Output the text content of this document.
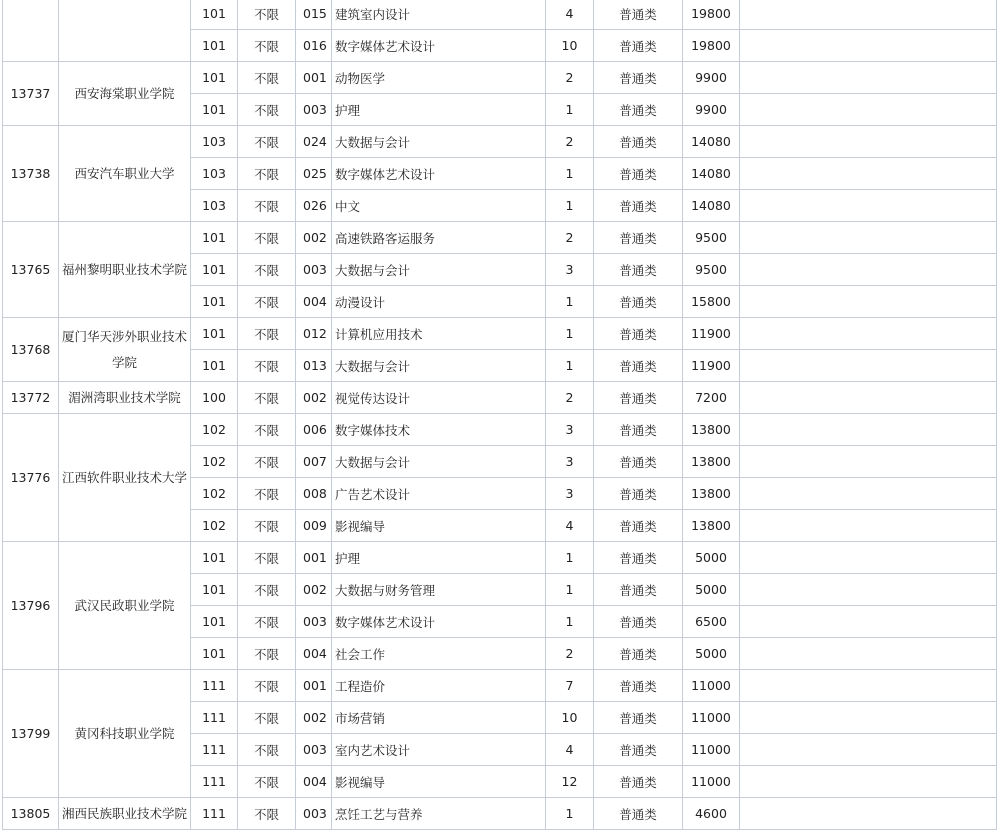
		101	不限	015	建筑室内设计	4	普通类	19800	
		101	不限	016	数字媒体艺术设计	10	普通类	19800	
13737	西安海棠职业学院	101	不限	001	动物医学	2	普通类	9900	
		101	不限	003	护理	1	普通类	9900	
13738	西安汽车职业大学	103	不限	024	大数据与会计	2	普通类	14080	
		103	不限	025	数字媒体艺术设计	1	普通类	14080	
		103	不限	026	中文	1	普通类	14080	
13765	福州黎明职业技术学院	101	不限	002	高速铁路客运服务	2	普通类	9500	
		101	不限	003	大数据与会计	3	普通类	9500	
		101	不限	004	动漫设计	1	普通类	15800	
13768	厦门华天涉外职业技术学院	101	不限	012	计算机应用技术	1	普通类	11900	
		101	不限	013	大数据与会计	1	普通类	11900	
13772	湄洲湾职业技术学院	100	不限	002	视觉传达设计	2	普通类	7200	
13776	江西软件职业技术大学	102	不限	006	数字媒体技术	3	普通类	13800	
		102	不限	007	大数据与会计	3	普通类	13800	
		102	不限	008	广告艺术设计	3	普通类	13800	
		102	不限	009	影视编导	4	普通类	13800	
13796	武汉民政职业学院	101	不限	001	护理	1	普通类	5000	
		101	不限	002	大数据与财务管理	1	普通类	5000	
		101	不限	003	数字媒体艺术设计	1	普通类	6500	
		101	不限	004	社会工作	2	普通类	5000	
13799	黄冈科技职业学院	111	不限	001	工程造价	7	普通类	11000	
		111	不限	002	市场营销	10	普通类	11000	
		111	不限	003	室内艺术设计	4	普通类	11000	
		111	不限	004	影视编导	12	普通类	11000	
13805	湘西民族职业技术学院	111	不限	003	烹饪工艺与营养	1	普通类	4600	
